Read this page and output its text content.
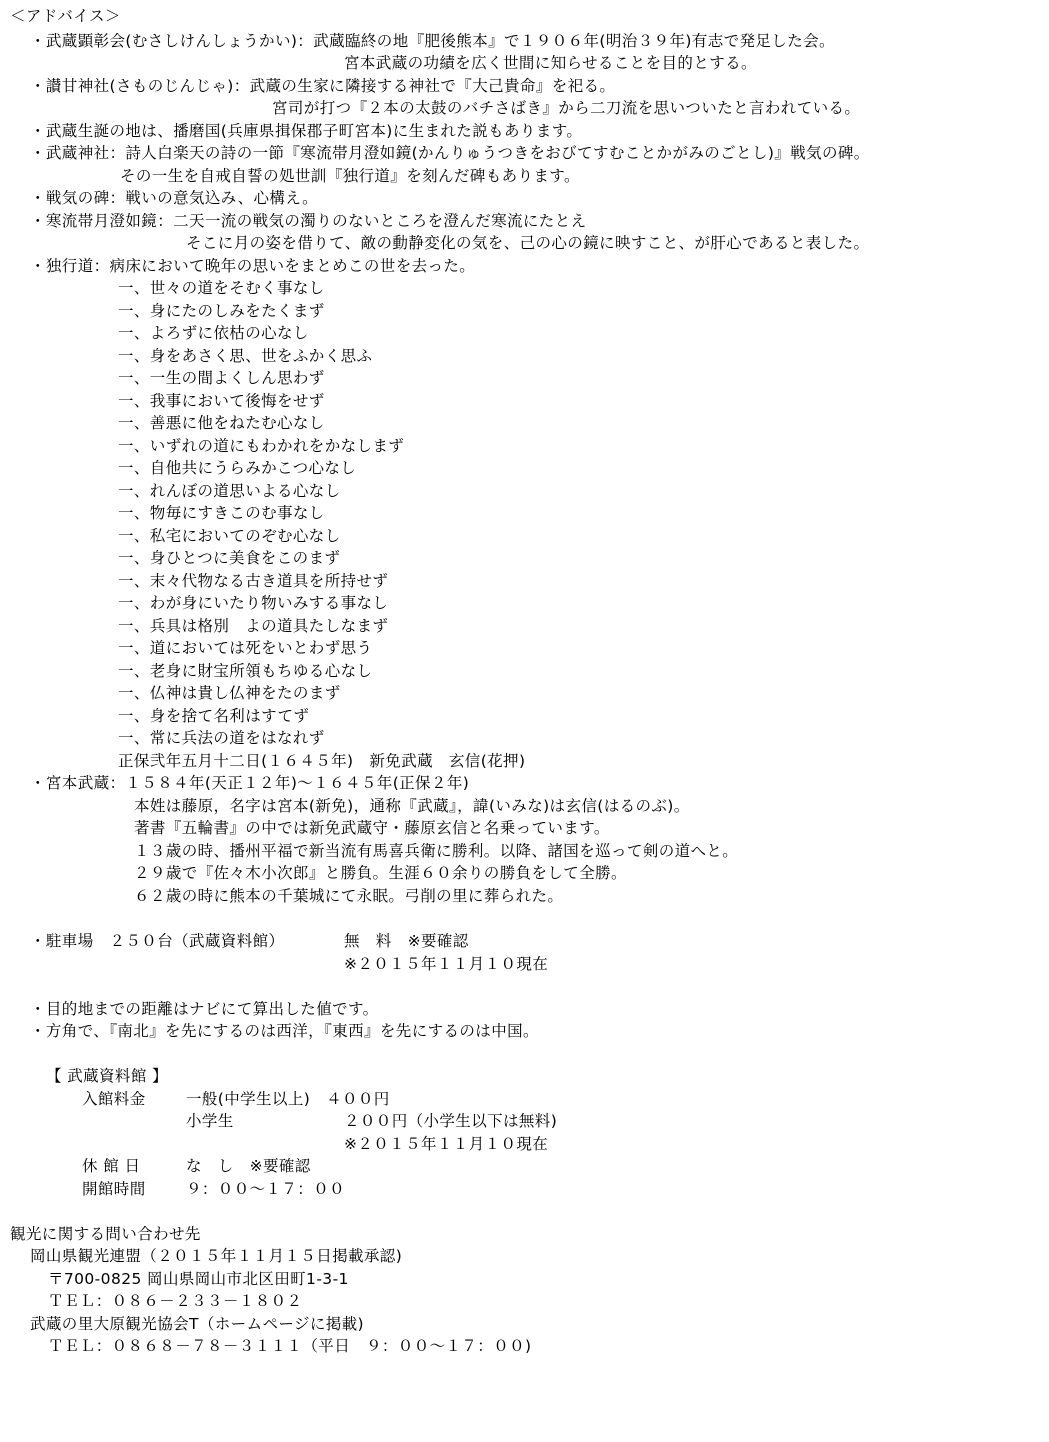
＜アドバイス＞
・武蔵顕彰会(むさしけんしょうかい)：武蔵臨終の地『肥後熊本』で１９０６年(明治３９年)有志で発足した会。
宮本武蔵の功績を広く世間に知らせることを目的とする。
・讃甘神社(さものじんじゃ)：武蔵の生家に隣接する神社で『大己貴命』を祀る。
宮司が打つ『２本の太鼓のバチさばき』から二刀流を思いついたと言われている。
・武蔵生誕の地は、播磨国(兵庫県揖保郡子町宮本)に生まれた説もあります。
・武蔵神社：詩人白楽天の詩の一節『寒流帯月澄如鏡(かんりゅうつきをおびてすむことかがみのごとし)』戦気の碑。
その一生を自戒自誓の処世訓『独行道』を刻んだ碑もあります。
・戦気の碑：戦いの意気込み、心構え。
・寒流帯月澄如鏡：二天一流の戦気の濁りのないところを澄んだ寒流にたとえ
そこに月の姿を借りて、敵の動静変化の気を、己の心の鏡に映すこと、が肝心であると表した。
・独行道：病床において晩年の思いをまとめこの世を去った。
一、世々の道をそむく事なし
一、身にたのしみをたくまず
一、よろずに依枯の心なし
一、身をあさく思、世をふかく思ふ
一、一生の間よくしん思わず
一、我事において後悔をせず
一、善悪に他をねたむ心なし
一、いずれの道にもわかれをかなしまず
一、自他共にうらみかこつ心なし
一、れんぼの道思いよる心なし
一、物毎にすきこのむ事なし
一、私宅においてのぞむ心なし
一、身ひとつに美食をこのまず
一、末々代物なる古き道具を所持せず
一、わが身にいたり物いみする事なし
一、兵具は格別　よの道具たしなまず
一、道においては死をいとわず思う
一、老身に財宝所領もちゆる心なし
一、仏神は貴し仏神をたのまず
一、身を捨て名利はすてず
一、常に兵法の道をはなれず
正保弐年五月十二日(１６４５年)　新免武蔵　玄信(花押)
・宮本武蔵：１５８４年(天正１２年)～１６４５年(正保２年)
本姓は藤原，名字は宮本(新免)，通称『武蔵』，諱(いみな)は玄信(はるのぶ)。
著書『五輪書』の中では新免武蔵守・藤原玄信と名乗っています。
１３歳の時、播州平福で新当流有馬喜兵衛に勝利。以降、諸国を巡って剣の道へと。
２９歳で『佐々木小次郎』と勝負。生涯６０余りの勝負をして全勝。
６２歳の時に熊本の千葉城にて永眠。弓削の里に葬られた。
・駐車場　２５０台（武蔵資料館）	無　料　※要確認
※２０１５年１１月１０現在
・目的地までの距離はナビにて算出した値です。
・方角で、『南北』を先にするのは西洋，『東西』を先にするのは中国。
【 武蔵資料館 】
入館料金	一般(中学生以上)　４００円
小学生	２００円（小学生以下は無料)
※２０１５年１１月１０現在
休 館 日	な　し　※要確認
開館時間	９：００～１７：００
観光に関する問い合わせ先
岡山県観光連盟（２０１５年１１月１５日掲載承認)
〒700-0825 岡山県岡山市北区田町1-3-1
ＴＥＬ：０８６－２３３－１８０２
武蔵の里大原観光協会T（ホームページに掲載)
ＴＥＬ：０８６８－７８－３１１１（平日　９：００～１７：００)
